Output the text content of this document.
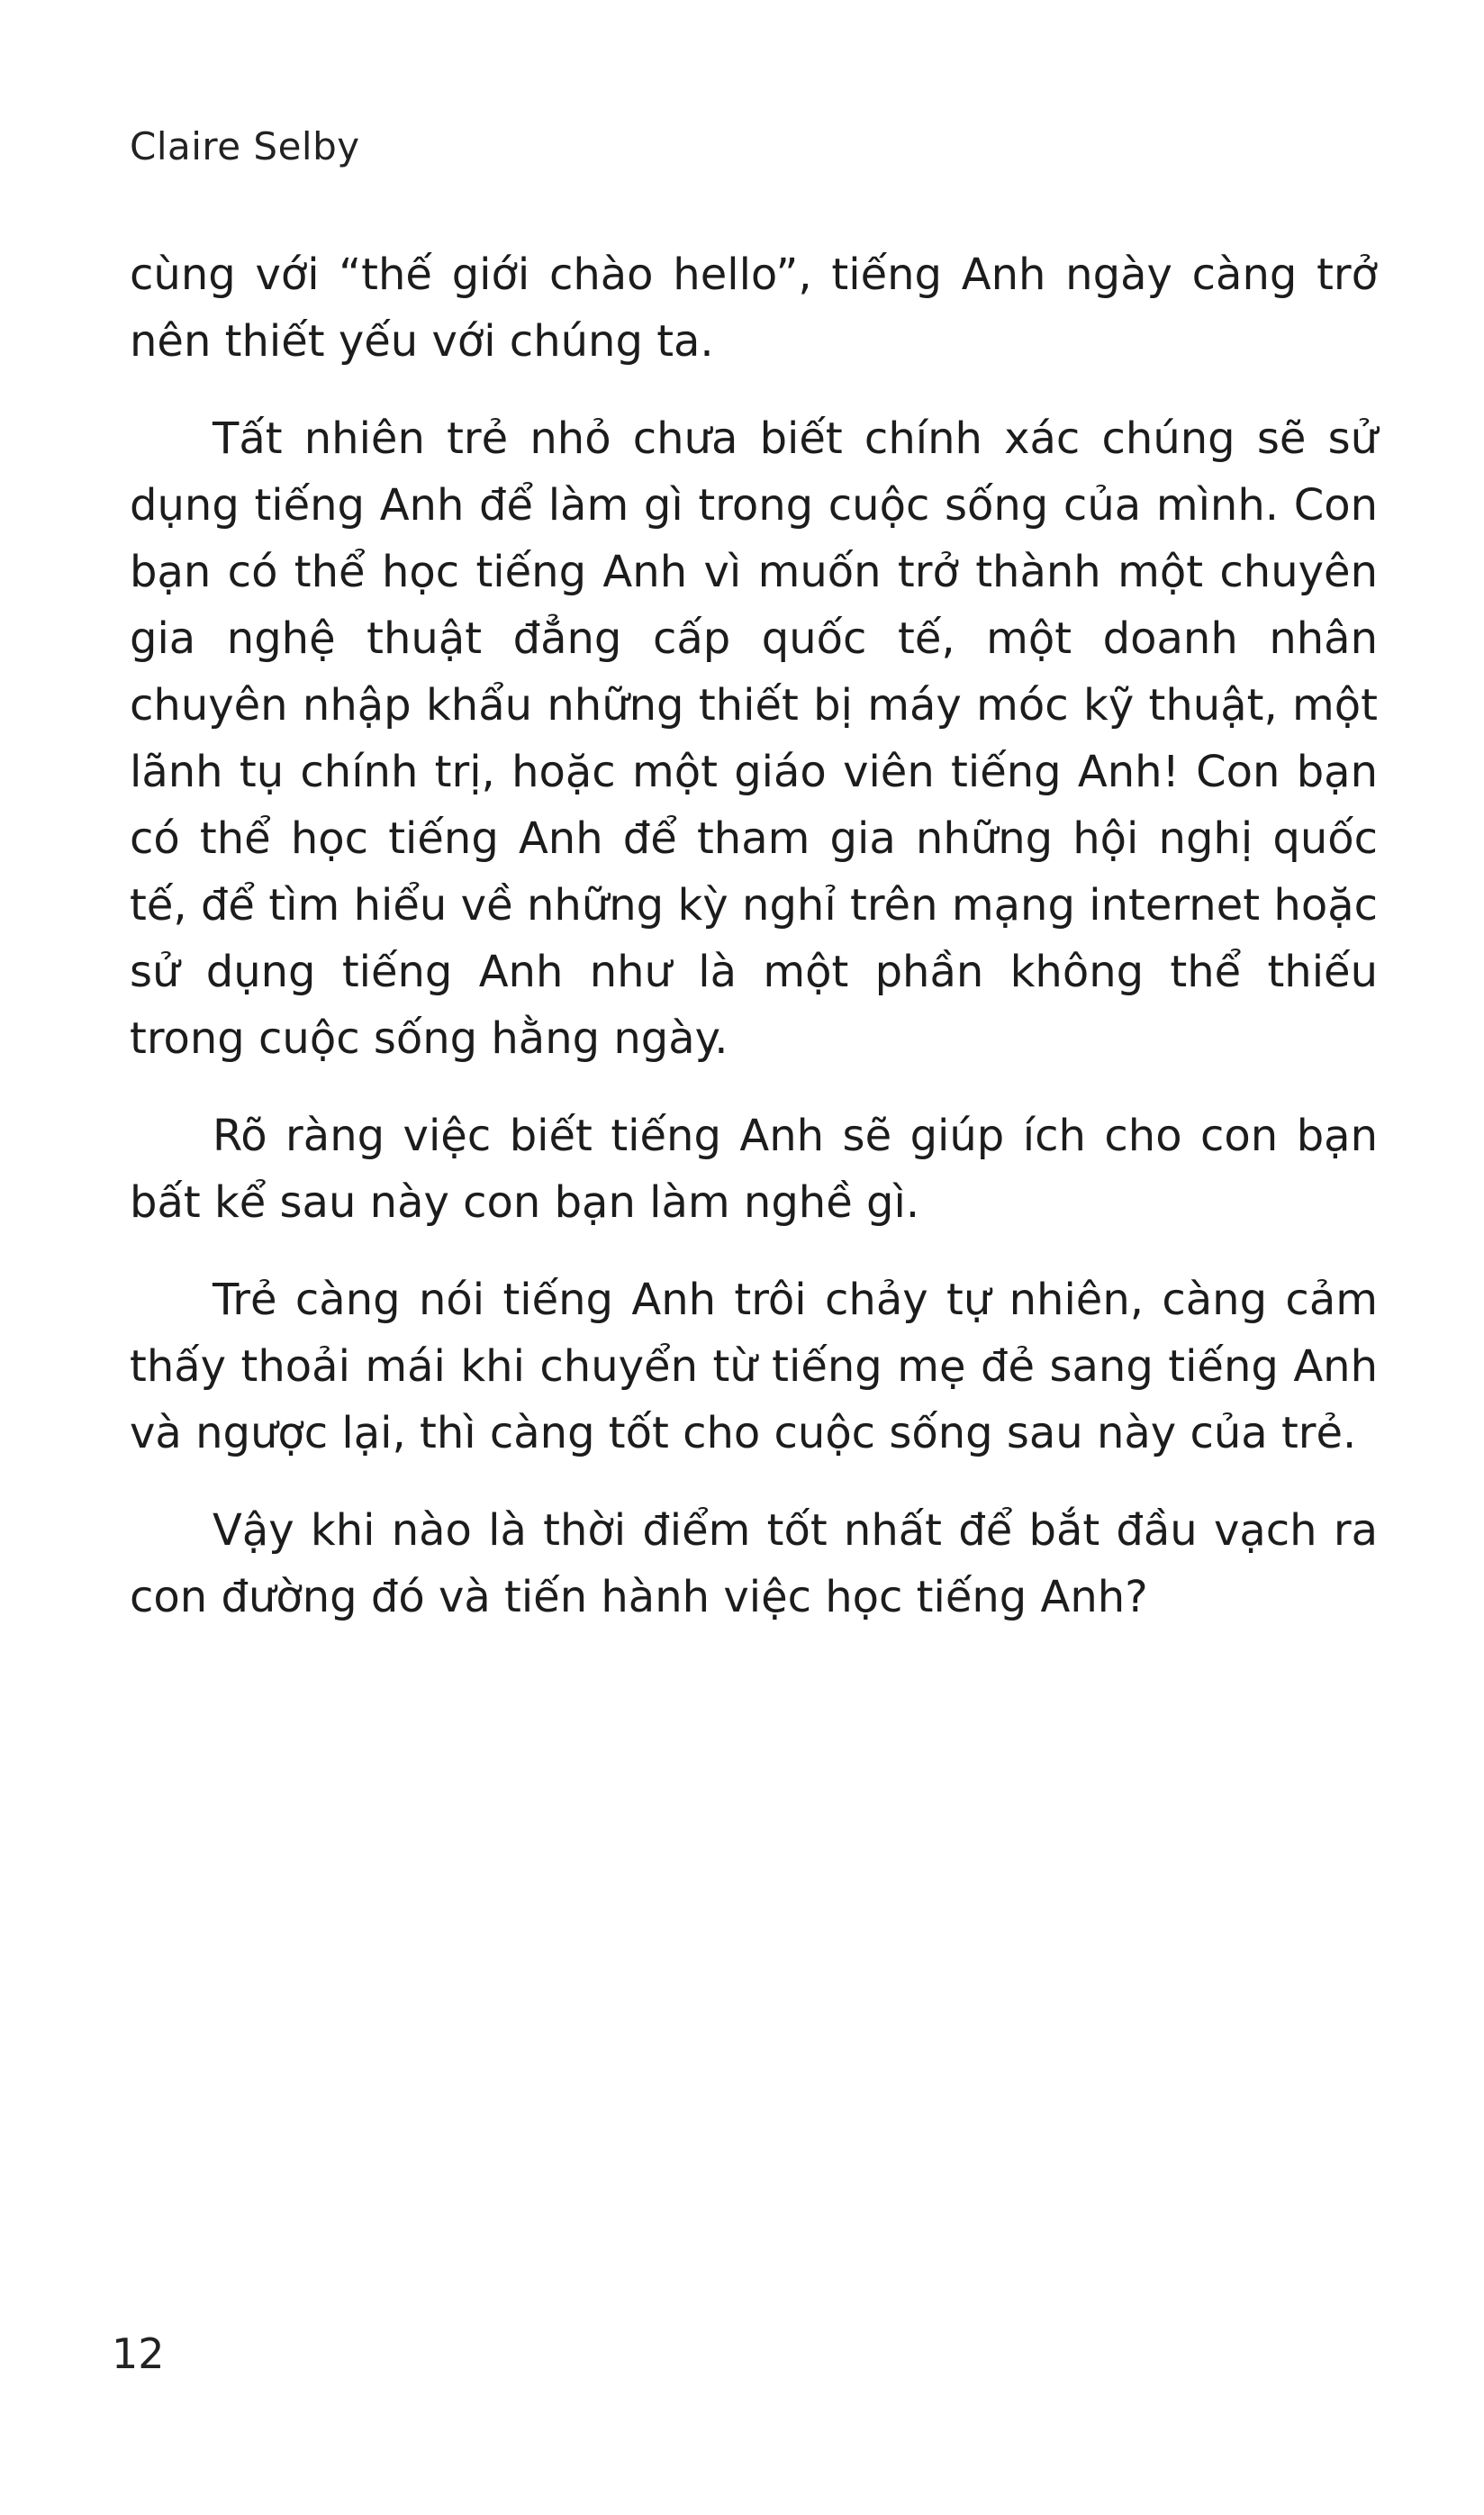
Claire Selby

cùng với “thế giới chào hello”, tiếng Anh ngày càng trở nên thiết yếu với chúng ta.

Tất nhiên trẻ nhỏ chưa biết chính xác chúng sẽ sử dụng tiếng Anh để làm gì trong cuộc sống của mình. Con bạn có thể học tiếng Anh vì muốn trở thành một chuyên gia nghệ thuật đẳng cấp quốc tế, một doanh nhân chuyên nhập khẩu những thiết bị máy móc kỹ thuật, một lãnh tụ chính trị, hoặc một giáo viên tiếng Anh! Con bạn có thể học tiếng Anh để tham gia những hội nghị quốc tế, để tìm hiểu về những kỳ nghỉ trên mạng internet hoặc sử dụng tiếng Anh như là một phần không thể thiếu trong cuộc sống hằng ngày.

Rõ ràng việc biết tiếng Anh sẽ giúp ích cho con bạn bất kể sau này con bạn làm nghề gì.

Trẻ càng nói tiếng Anh trôi chảy tự nhiên, càng cảm thấy thoải mái khi chuyển từ tiếng mẹ đẻ sang tiếng Anh và ngược lại, thì càng tốt cho cuộc sống sau này của trẻ.

Vậy khi nào là thời điểm tốt nhất để bắt đầu vạch ra con đường đó và tiến hành việc học tiếng Anh?

12
